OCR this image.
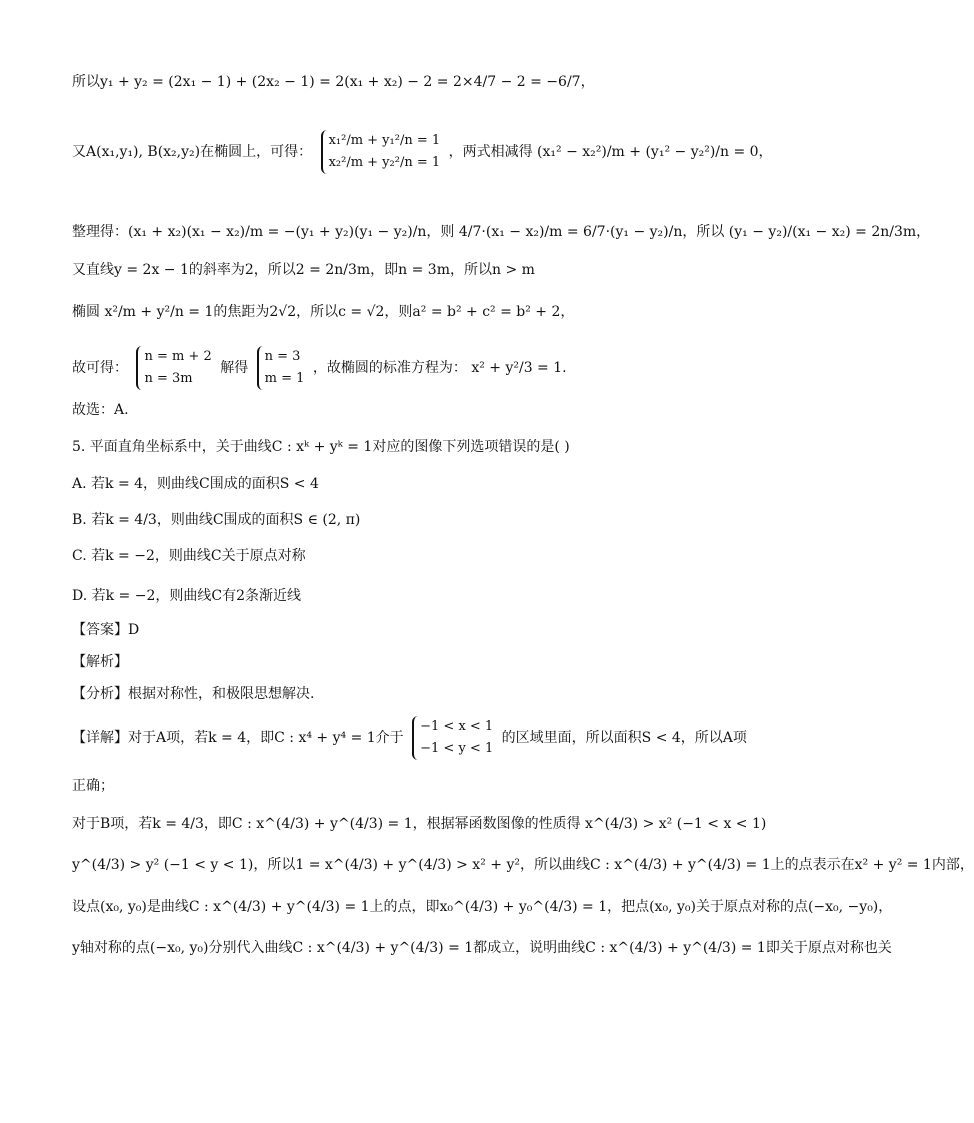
所以y₁ + y₂ = (2x₁ − 1) + (2x₂ − 1) = 2(x₁ + x₂) − 2 = 2×4/7 − 2 = −6/7，
又A(x₁,y₁), B(x₂,y₂)在椭圆上，可得：
x₁²/m + y₁²/n = 1
x₂²/m + y₂²/n = 1
，两式相减得 (x₁² − x₂²)/m + (y₁² − y₂²)/n = 0，
整理得：(x₁ + x₂)(x₁ − x₂)/m = −(y₁ + y₂)(y₁ − y₂)/n，则 4/7·(x₁ − x₂)/m = 6/7·(y₁ − y₂)/n，所以 (y₁ − y₂)/(x₁ − x₂) = 2n/3m，
又直线y = 2x − 1的斜率为2，所以2 = 2n/3m，即n = 3m，所以n > m
椭圆 x²/m + y²/n = 1的焦距为2√2，所以c = √2，则a² = b² + c² = b² + 2，
故可得：
n = m + 2
n = 3m
解得
n = 3
m = 1
，故椭圆的标准方程为： x² + y²/3 = 1.
故选：A.
5. 平面直角坐标系中，关于曲线C : xᵏ + yᵏ = 1对应的图像下列选项错误的是( )
A. 若k = 4，则曲线C围成的面积S < 4
B. 若k = 4/3，则曲线C围成的面积S ∈ (2, π)
C. 若k = −2，则曲线C关于原点对称
D. 若k = −2，则曲线C有2条渐近线
【答案】D
【解析】
【分析】根据对称性，和极限思想解决.
【详解】对于A项，若k = 4，即C : x⁴ + y⁴ = 1介于
−1 < x < 1
−1 < y < 1
的区域里面，所以面积S < 4，所以A项
正确；
对于B项，若k = 4/3，即C : x^(4/3) + y^(4/3) = 1，根据幂函数图像的性质得 x^(4/3) > x² (−1 < x < 1)
y^(4/3) > y² (−1 < y < 1)，所以1 = x^(4/3) + y^(4/3) > x² + y²，所以曲线C : x^(4/3) + y^(4/3) = 1上的点表示在x² + y² = 1内部，
设点(x₀, y₀)是曲线C : x^(4/3) + y^(4/3) = 1上的点，即x₀^(4/3) + y₀^(4/3) = 1，把点(x₀, y₀)关于原点对称的点(−x₀, −y₀)，
y轴对称的点(−x₀, y₀)分别代入曲线C : x^(4/3) + y^(4/3) = 1都成立，说明曲线C : x^(4/3) + y^(4/3) = 1即关于原点对称也关
